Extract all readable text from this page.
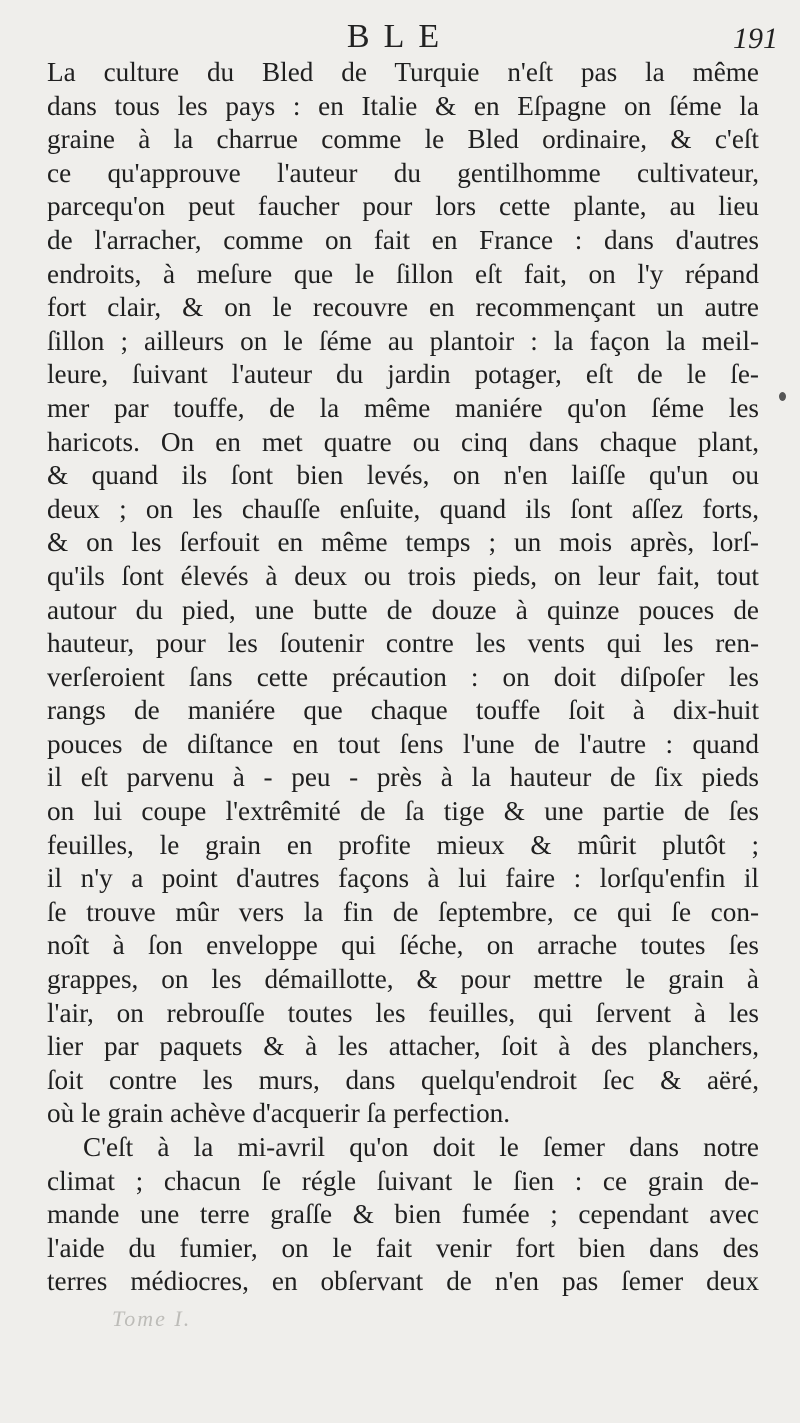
BLE	191
La culture du Bled de Turquie n'eſt pas la même
dans tous les pays : en Italie & en Eſpagne on ſéme la
graine à la charrue comme le Bled ordinaire, & c'eſt
ce qu'approuve l'auteur du gentilhomme cultivateur,
parcequ'on peut faucher pour lors cette plante, au lieu
de l'arracher, comme on fait en France : dans d'autres
endroits, à meſure que le ſillon eſt fait, on l'y répand
fort clair, & on le recouvre en recommençant un autre
ſillon ; ailleurs on le ſéme au plantoir : la façon la meil-
leure, ſuivant l'auteur du jardin potager, eſt de le ſe-
mer par touffe, de la même maniére qu'on ſéme les
haricots. On en met quatre ou cinq dans chaque plant,
& quand ils ſont bien levés, on n'en laiſſe qu'un ou
deux ; on les chauſſe enſuite, quand ils ſont aſſez forts,
& on les ſerfouit en même temps ; un mois après, lorſ-
qu'ils ſont élevés à deux ou trois pieds, on leur fait, tout
autour du pied, une butte de douze à quinze pouces de
hauteur, pour les ſoutenir contre les vents qui les ren-
verſeroient ſans cette précaution : on doit diſpoſer les
rangs de maniére que chaque touffe ſoit à dix-huit
pouces de diſtance en tout ſens l'une de l'autre : quand
il eſt parvenu à - peu - près à la hauteur de ſix pieds
on lui coupe l'extrêmité de ſa tige & une partie de ſes
feuilles, le grain en profite mieux & mûrit plutôt ;
il n'y a point d'autres façons à lui faire : lorſqu'enfin il
ſe trouve mûr vers la fin de ſeptembre, ce qui ſe con-
noît à ſon enveloppe qui ſéche, on arrache toutes ſes
grappes, on les démaillotte, & pour mettre le grain à
l'air, on rebrouſſe toutes les feuilles, qui ſervent à les
lier par paquets & à les attacher, ſoit à des planchers,
ſoit contre les murs, dans quelqu'endroit ſec & aëré,
où le grain achève d'acquerir ſa perfection.
C'eſt à la mi-avril qu'on doit le ſemer dans notre
climat ; chacun ſe régle ſuivant le ſien : ce grain de-
mande une terre graſſe & bien fumée ; cependant avec
l'aide du fumier, on le fait venir fort bien dans des
terres médiocres, en obſervant de n'en pas ſemer deux
Tome I.
